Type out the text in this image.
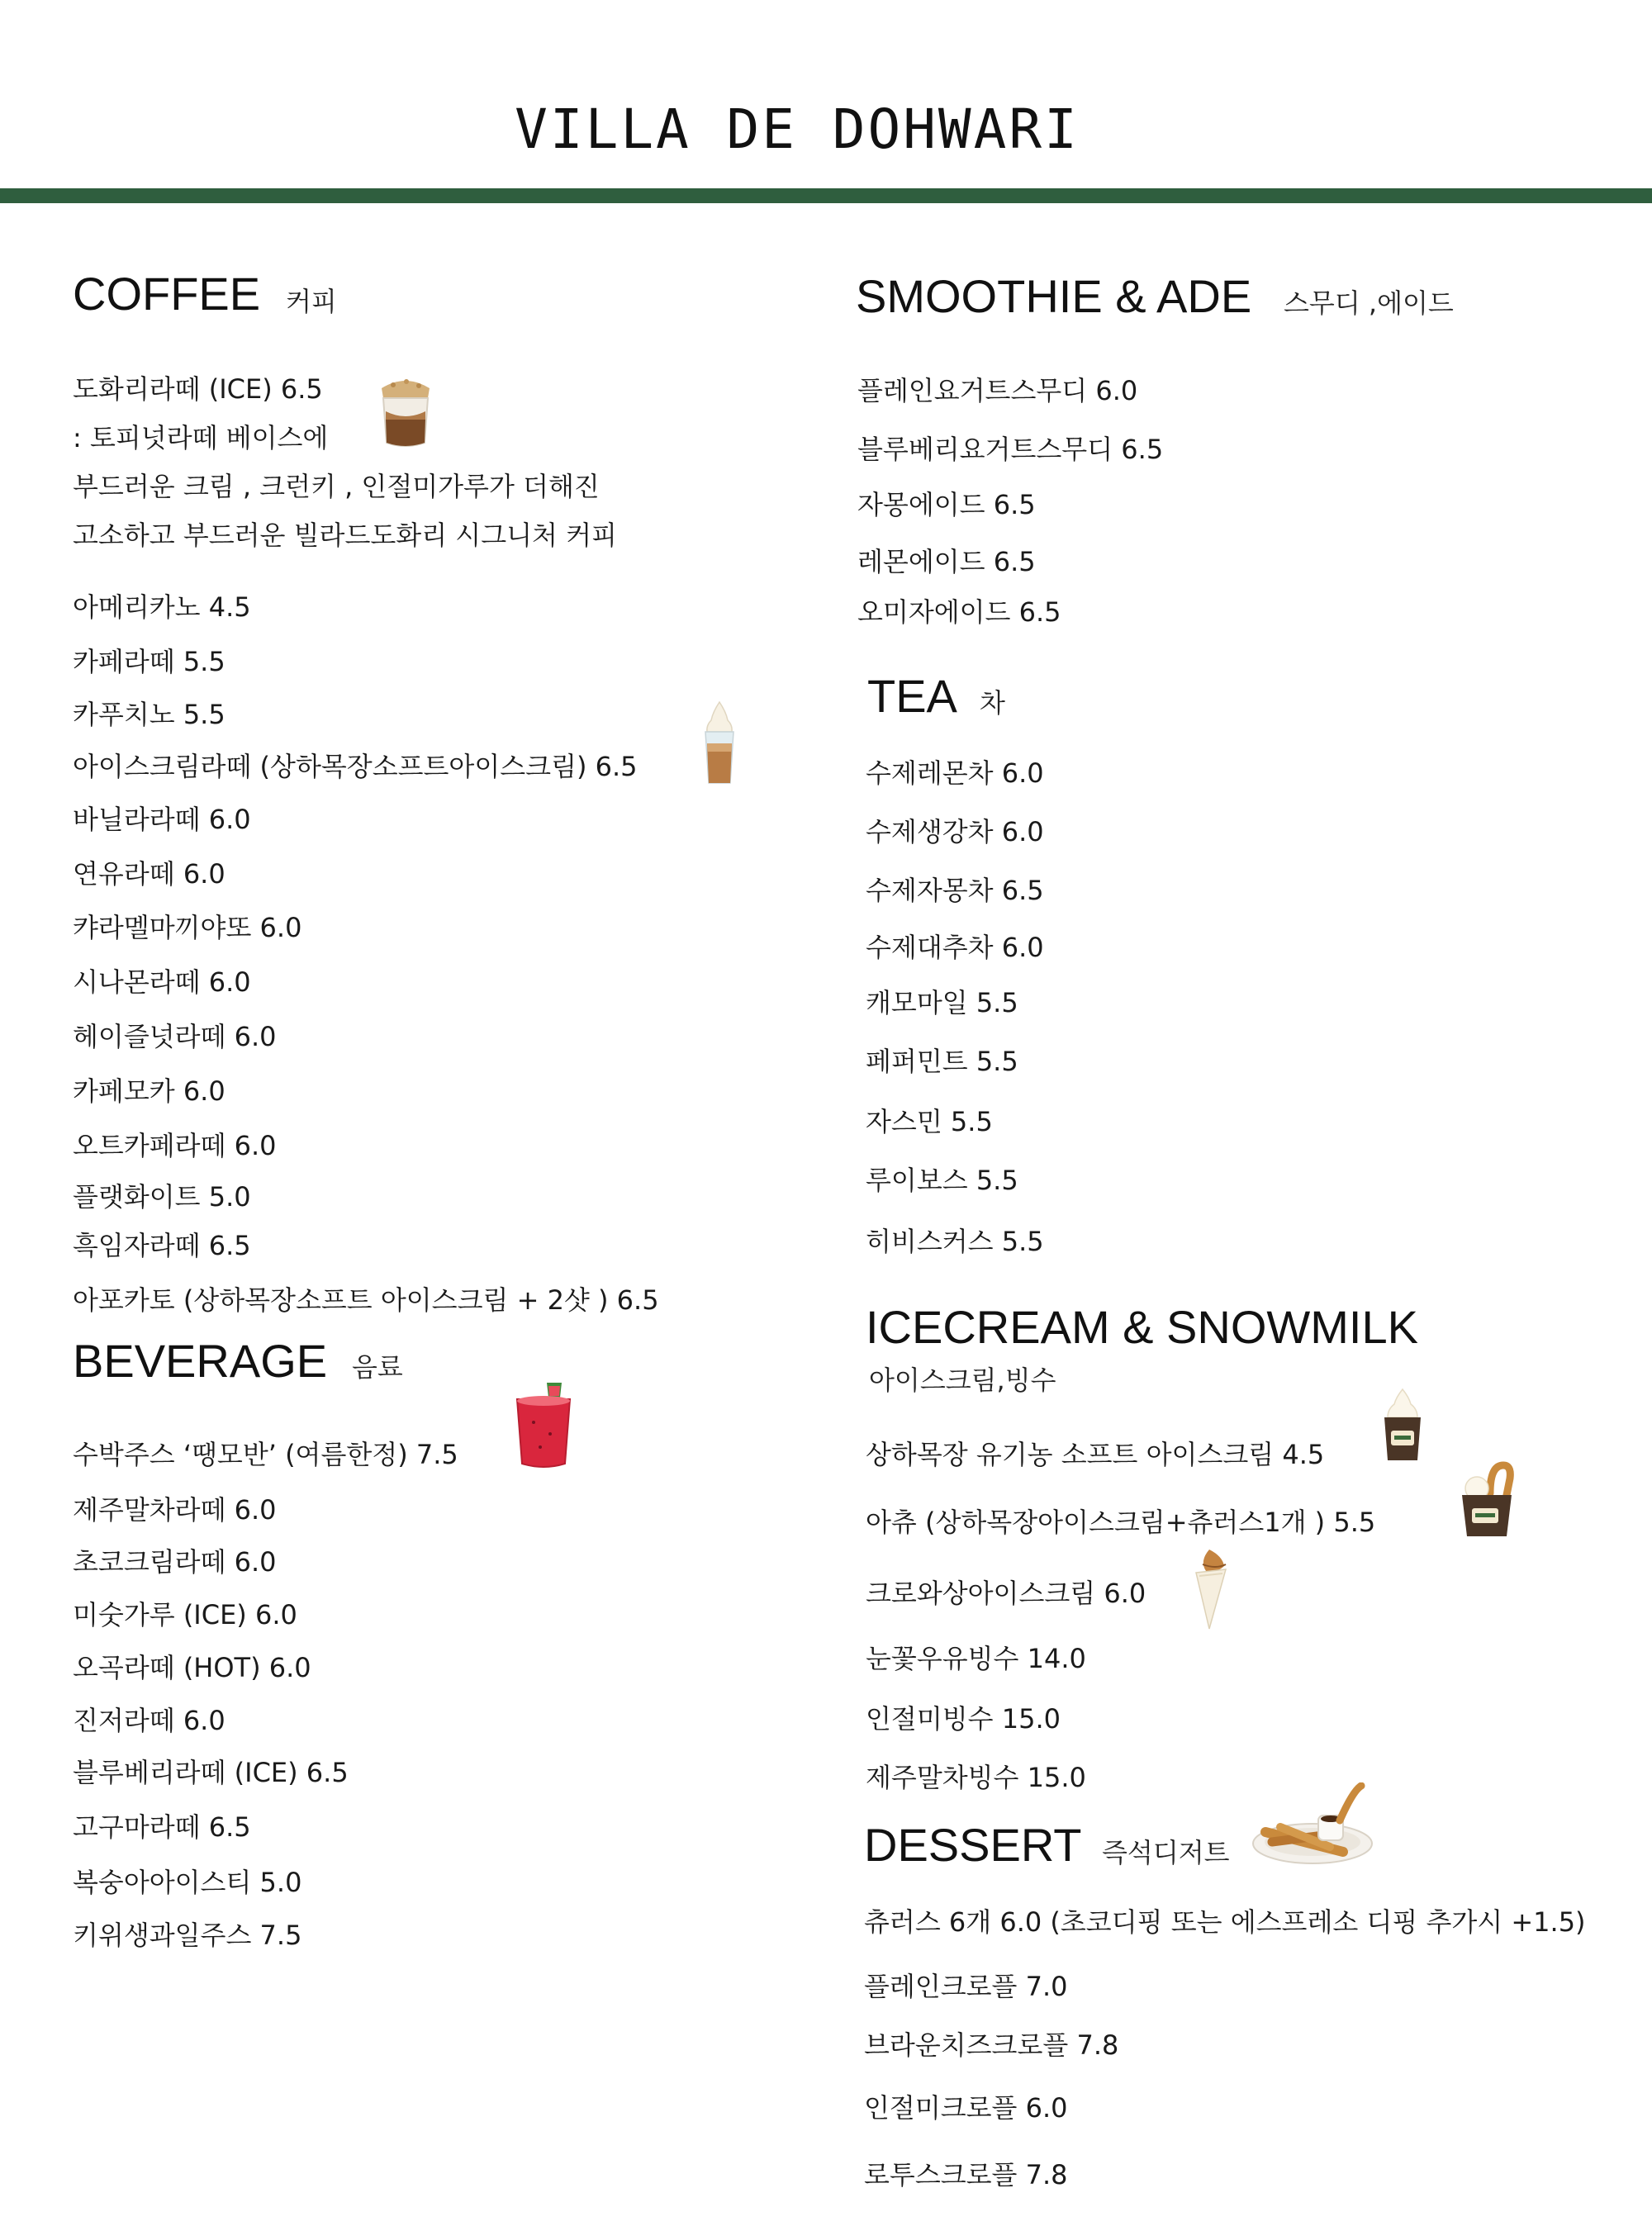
VILLA DE DOHWARI
COFFEE 커피
도화리라떼 (ICE) 6.5
: 토피넛라떼 베이스에
부드러운 크림 , 크런키 , 인절미가루가 더해진
고소하고 부드러운 빌라드도화리 시그니처 커피
아메리카노 4.5
카페라떼 5.5
카푸치노 5.5
아이스크림라떼 (상하목장소프트아이스크림) 6.5
바닐라라떼 6.0
연유라떼 6.0
캬라멜마끼야또 6.0
시나몬라떼 6.0
헤이즐넛라떼 6.0
카페모카 6.0
오트카페라떼 6.0
플랫화이트 5.0
흑임자라떼 6.5
아포카토 (상하목장소프트 아이스크림 + 2샷 ) 6.5
BEVERAGE 음료
수박주스 ‘땡모반’ (여름한정) 7.5
제주말차라떼 6.0
초코크림라떼 6.0
미숫가루 (ICE) 6.0
오곡라떼 (HOT) 6.0
진저라떼 6.0
블루베리라떼 (ICE) 6.5
고구마라떼 6.5
복숭아아이스티 5.0
키위생과일주스 7.5
SMOOTHIE & ADE 스무디 ,에이드
플레인요거트스무디 6.0
블루베리요거트스무디 6.5
자몽에이드 6.5
레몬에이드 6.5
오미자에이드 6.5
TEA 차
수제레몬차 6.0
수제생강차 6.0
수제자몽차 6.5
수제대추차 6.0
캐모마일 5.5
페퍼민트 5.5
자스민 5.5
루이보스 5.5
히비스커스 5.5
ICECREAM & SNOWMILK
아이스크림,빙수
상하목장 유기농 소프트 아이스크림 4.5
아츄 (상하목장아이스크림+츄러스1개 ) 5.5
크로와상아이스크림 6.0
눈꽃우유빙수 14.0
인절미빙수 15.0
제주말차빙수 15.0
DESSERT 즉석디저트
츄러스 6개 6.0 (초코디핑 또는 에스프레소 디핑 추가시 +1.5)
플레인크로플 7.0
브라운치즈크로플 7.8
인절미크로플 6.0
로투스크로플 7.8
